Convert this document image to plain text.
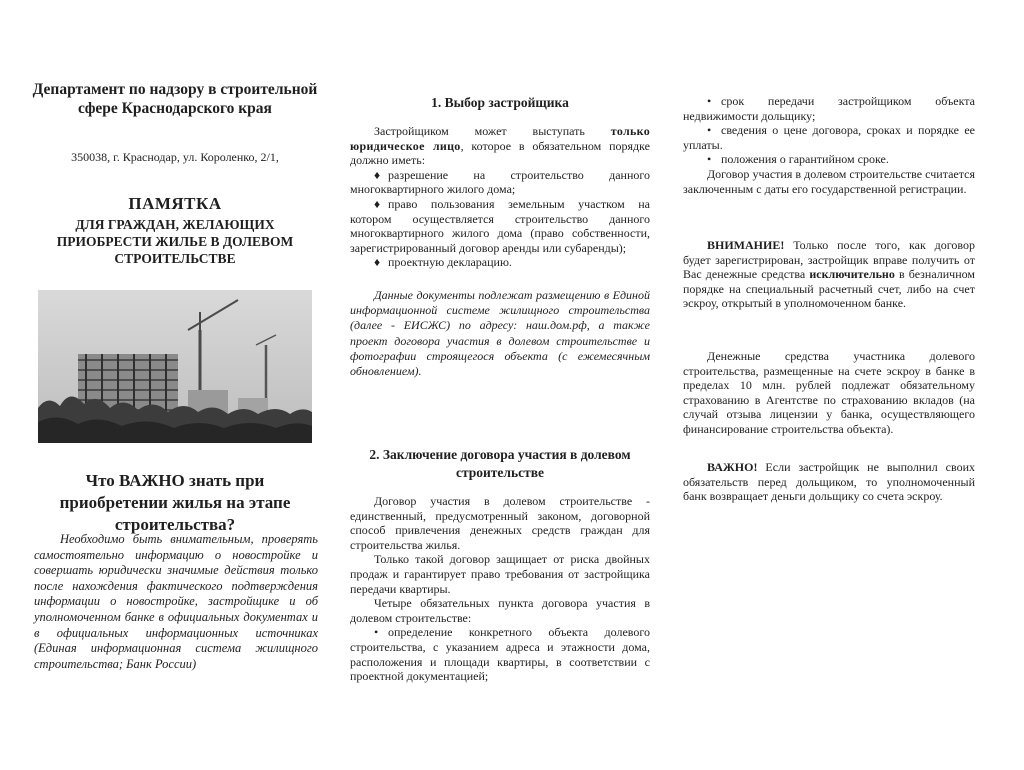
Департамент по надзору в строительной сфере Краснодарского края

350038, г. Краснодар, ул. Короленко, 2/1,

ПАМЯТКА

ДЛЯ ГРАЖДАН, ЖЕЛАЮЩИХ ПРИОБРЕСТИ ЖИЛЬЕ В ДОЛЕВОМ СТРОИТЕЛЬСТВЕ

Что ВАЖНО знать при приобретении жилья на этапе строительства?

Необходимо быть внимательным, проверять самостоятельно информацию о новостройке и совершать юридически значимые действия только после нахождения фактического подтверждения информации о новостройке, застройщике и об уполномоченном банке в официальных документах и в официальных информационных источниках (Единая информационная система жилищного строительства; Банк России)

1. Выбор застройщика

Застройщиком может выступать только юридическое лицо, которое в обязательном порядке должно иметь:

♦ разрешение на строительство данного многоквартирного жилого дома;

♦ право пользования земельным участком на котором осуществляется строительство данного многоквартирного жилого дома (право собственности, зарегистрированный договор аренды или субаренды);

♦ проектную декларацию.

Данные документы подлежат размещению в Единой информационной системе жилищного строительства (далее - ЕИСЖС) по адресу: наш.дом.рф, а также проект договора участия в долевом строительстве и фотографии строящегося объекта (с ежемесячным обновлением).

2. Заключение договора участия в долевом строительстве

Договор участия в долевом строительстве - единственный, предусмотренный законом, договорной способ привлечения денежных средств граждан для строительства жилья.

Только такой договор защищает от риска двойных продаж и гарантирует право требования от застройщика передачи квартиры.

Четыре обязательных пункта договора участия в долевом строительстве:

• определение конкретного объекта долевого строительства, с указанием адреса и этажности дома, расположения и площади квартиры, в соответствии с проектной документацией;

• срок передачи застройщиком объекта недвижимости дольщику;

• сведения о цене договора, сроках и порядке ее уплаты.

• положения о гарантийном сроке.

Договор участия в долевом строительстве считается заключенным с даты его государственной регистрации.

ВНИМАНИЕ! Только после того, как договор будет зарегистрирован, застройщик вправе получить от Вас денежные средства исключительно в безналичном порядке на специальный расчетный счет, либо на счет эскроу, открытый в уполномоченном банке.

Денежные средства участника долевого строительства, размещенные на счете эскроу в банке в пределах 10 млн. рублей подлежат обязательному страхованию в Агентстве по страхованию вкладов (на случай отзыва лицензии у банка, осуществляющего финансирование строительства объекта).

ВАЖНО! Если застройщик не выполнил своих обязательств перед дольщиком, то уполномоченный банк возвращает деньги дольщику со счета эскроу.
